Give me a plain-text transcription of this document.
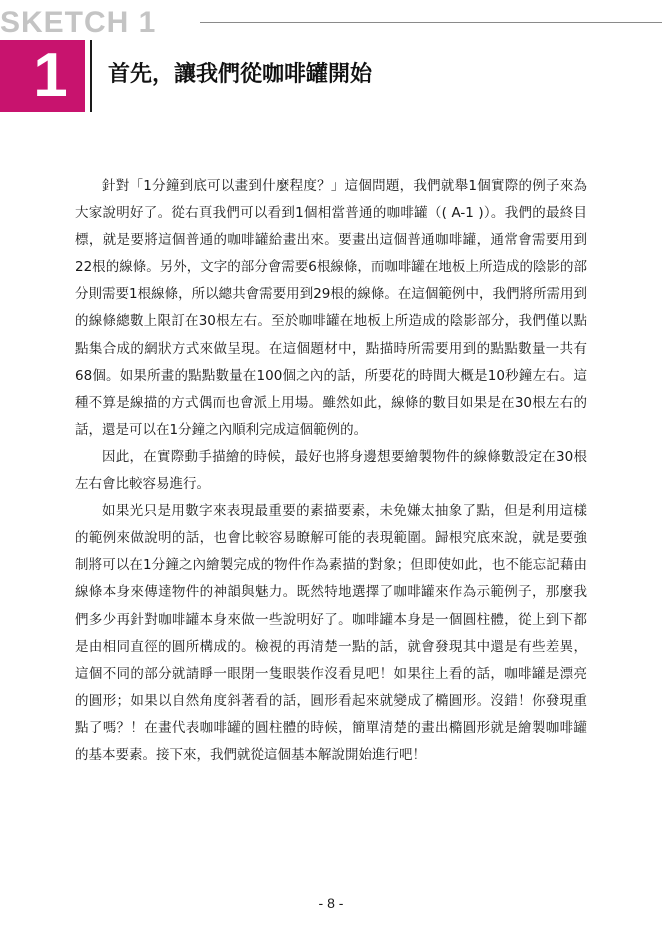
SKETCH 1
1	首先，讓我們從咖啡罐開始

針對「1分鐘到底可以畫到什麼程度？」這個問題，我們就舉1個實際的例子來為大家說明好了。從右頁我們可以看到1個相當普通的咖啡罐（( A-1 )）。我們的最終目標，就是要將這個普通的咖啡罐給畫出來。要畫出這個普通咖啡罐，通常會需要用到22根的線條。另外，文字的部分會需要6根線條，而咖啡罐在地板上所造成的陰影的部分則需要1根線條，所以總共會需要用到29根的線條。在這個範例中，我們將所需用到的線條總數上限訂在30根左右。至於咖啡罐在地板上所造成的陰影部分，我們僅以點點集合成的網狀方式來做呈現。在這個題材中，點描時所需要用到的點點數量一共有68個。如果所畫的點點數量在100個之內的話，所要花的時間大概是10秒鐘左右。這種不算是線描的方式偶而也會派上用場。雖然如此，線條的數目如果是在30根左右的話，還是可以在1分鐘之內順利完成這個範例的。

因此，在實際動手描繪的時候，最好也將身邊想要繪製物件的線條數設定在30根左右會比較容易進行。

如果光只是用數字來表現最重要的素描要素，未免嫌太抽象了點，但是利用這樣的範例來做說明的話，也會比較容易瞭解可能的表現範圍。歸根究底來說，就是要強制將可以在1分鐘之內繪製完成的物件作為素描的對象；但即使如此，也不能忘記藉由線條本身來傳達物件的神韻與魅力。既然特地選擇了咖啡罐來作為示範例子，那麼我們多少再針對咖啡罐本身來做一些說明好了。咖啡罐本身是一個圓柱體，從上到下都是由相同直徑的圓所構成的。檢視的再清楚一點的話，就會發現其中還是有些差異，這個不同的部分就請睜一眼閉一隻眼裝作沒看見吧！如果往上看的話，咖啡罐是漂亮的圓形；如果以自然角度斜著看的話，圓形看起來就變成了橢圓形。沒錯！你發現重點了嗎？！在畫代表咖啡罐的圓柱體的時候，簡單清楚的畫出橢圓形就是繪製咖啡罐的基本要素。接下來，我們就從這個基本解說開始進行吧！

- 8 -
